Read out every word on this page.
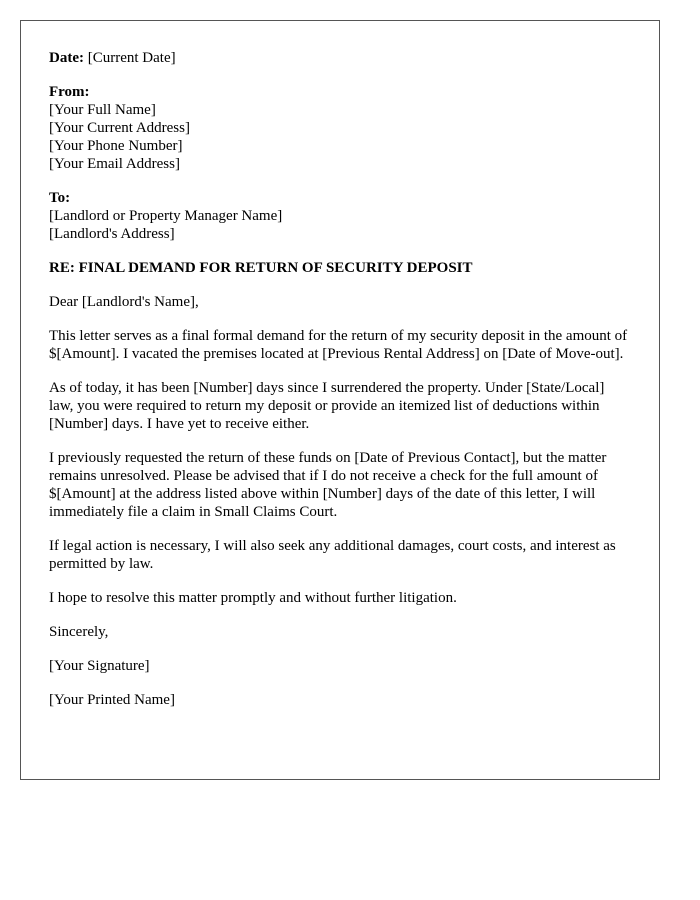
Date: [Current Date]
From:
[Your Full Name]
[Your Current Address]
[Your Phone Number]
[Your Email Address]
To:
[Landlord or Property Manager Name]
[Landlord's Address]

RE: FINAL DEMAND FOR RETURN OF SECURITY DEPOSIT

Dear [Landlord's Name],

This letter serves as a final formal demand for the return of my security deposit in the amount of $[Amount]. I vacated the premises located at [Previous Rental Address] on [Date of Move-out].

As of today, it has been [Number] days since I surrendered the property. Under [State/Local] law, you were required to return my deposit or provide an itemized list of deductions within [Number] days. I have yet to receive either.

I previously requested the return of these funds on [Date of Previous Contact], but the matter remains unresolved. Please be advised that if I do not receive a check for the full amount of $[Amount] at the address listed above within [Number] days of the date of this letter, I will immediately file a claim in Small Claims Court.

If legal action is necessary, I will also seek any additional damages, court costs, and interest as permitted by law.

I hope to resolve this matter promptly and without further litigation.

Sincerely,

[Your Signature]

[Your Printed Name]
